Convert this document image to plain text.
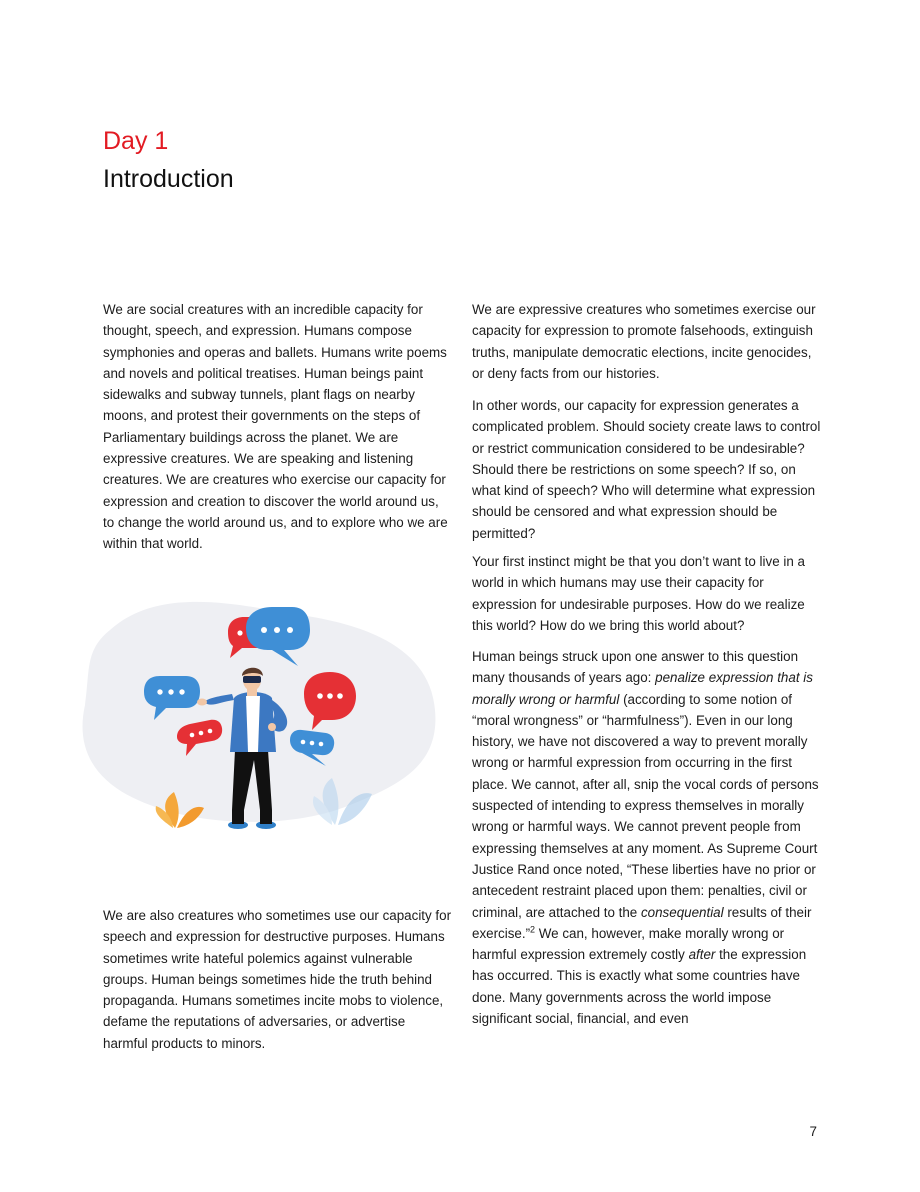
Day 1
Introduction

We are social creatures with an incredible capacity for thought, speech, and expression. Humans compose symphonies and operas and ballets. Humans write poems and novels and political treatises. Human beings paint sidewalks and subway tunnels, plant flags on nearby moons, and protest their governments on the steps of Parliamentary buildings across the planet. We are expressive creatures. We are speaking and listening creatures. We are creatures who exercise our capacity for expression and creation to discover the world around us, to change the world around us, and to explore who we are within that world.

We are also creatures who sometimes use our capacity for speech and expression for destructive purposes. Humans sometimes write hateful polemics against vulnerable groups. Human beings sometimes hide the truth behind propaganda. Humans sometimes incite mobs to violence, defame the reputations of adversaries, or advertise harmful products to minors.

We are expressive creatures who sometimes exercise our capacity for expression to promote falsehoods, extinguish truths, manipulate democratic elections, incite genocides, or deny facts from our histories.

In other words, our capacity for expression generates a complicated problem. Should society create laws to control or restrict communication considered to be undesirable? Should there be restrictions on some speech? If so, on what kind of speech? Who will determine what expression should be censored and what expression should be permitted?

Your first instinct might be that you don’t want to live in a world in which humans may use their capacity for expression for undesirable purposes. How do we realize this world? How do we bring this world about?

Human beings struck upon one answer to this question many thousands of years ago: penalize expression that is morally wrong or harmful (according to some notion of “moral wrongness” or “harmfulness”). Even in our long history, we have not discovered a way to prevent morally wrong or harmful expression from occurring in the first place. We cannot, after all, snip the vocal cords of persons suspected of intending to express themselves in morally wrong or harmful ways. We cannot prevent people from expressing themselves at any moment. As Supreme Court Justice Rand once noted, “These liberties have no prior or antecedent restraint placed upon them: penalties, civil or criminal, are attached to the consequential results of their exercise.”$^2$ We can, however, make morally wrong or harmful expression extremely costly after the expression has occurred. This is exactly what some countries have done. Many governments across the world impose significant social, financial, and even

7
